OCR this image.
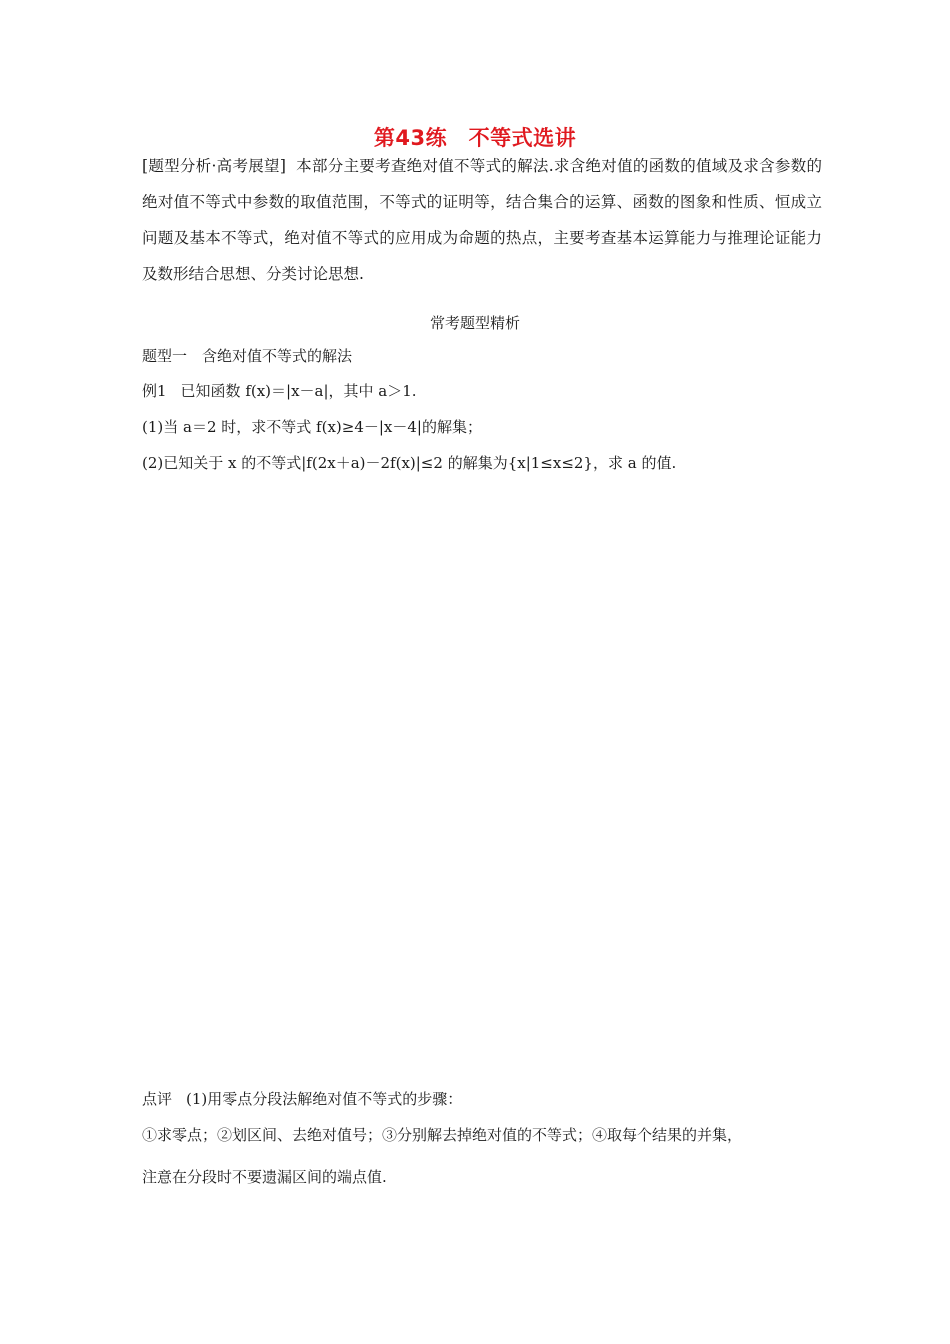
第43练　不等式选讲
[题型分析·高考展望] 本部分主要考查绝对值不等式的解法.求含绝对值的函数的值域及求含参数的绝对值不等式中参数的取值范围，不等式的证明等，结合集合的运算、函数的图象和性质、恒成立问题及基本不等式，绝对值不等式的应用成为命题的热点，主要考查基本运算能力与推理论证能力及数形结合思想、分类讨论思想.
常考题型精析
题型一　含绝对值不等式的解法
例1 已知函数 f(x)＝|x－a|，其中 a＞1.
(1)当 a＝2 时，求不等式 f(x)≥4－|x－4|的解集；
(2)已知关于 x 的不等式|f(2x＋a)－2f(x)|≤2 的解集为{x|1≤x≤2}，求 a 的值.
点评 (1)用零点分段法解绝对值不等式的步骤：
①求零点；②划区间、去绝对值号；③分别解去掉绝对值的不等式；④取每个结果的并集，
注意在分段时不要遗漏区间的端点值.
